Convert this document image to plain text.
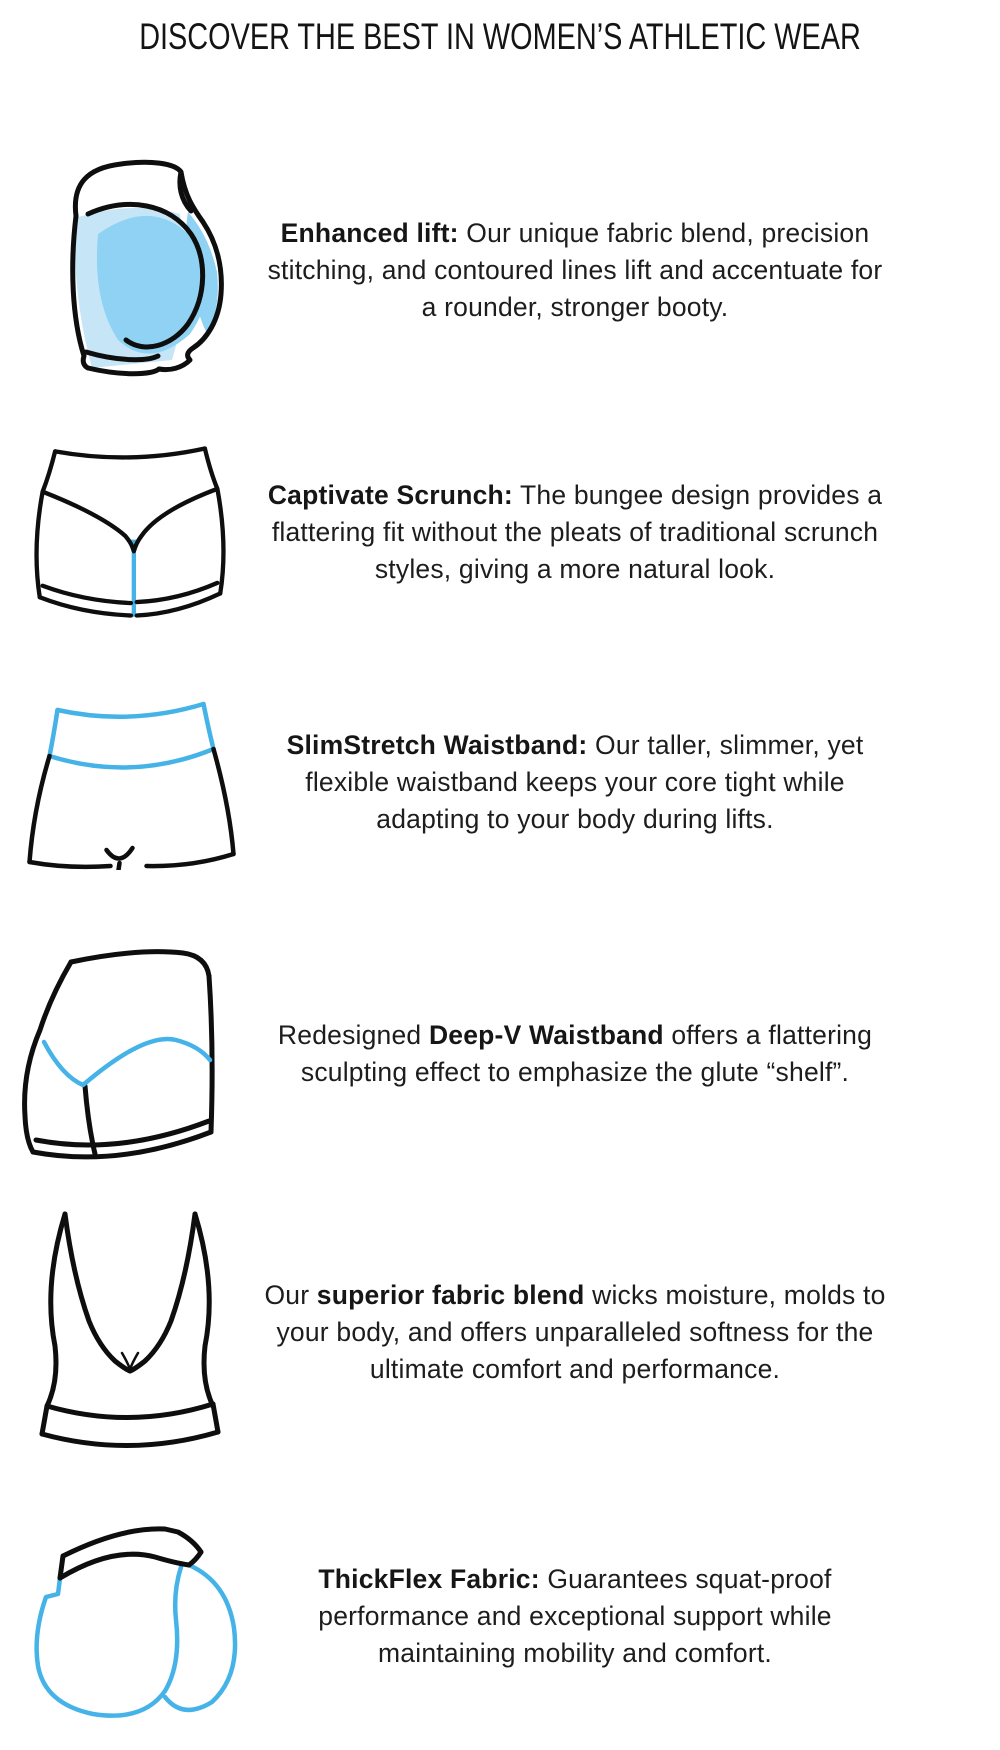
DISCOVER THE BEST IN WOMEN’S ATHLETIC WEAR

Enhanced lift: Our unique fabric blend, precision stitching, and contoured lines lift and accentuate for a rounder, stronger booty.

Captivate Scrunch: The bungee design provides a flattering fit without the pleats of traditional scrunch styles, giving a more natural look.

SlimStretch Waistband: Our taller, slimmer, yet flexible waistband keeps your core tight while adapting to your body during lifts.

Redesigned Deep-V Waistband offers a flattering sculpting effect to emphasize the glute “shelf”.

Our superior fabric blend wicks moisture, molds to your body, and offers unparalleled softness for the ultimate comfort and performance.

ThickFlex Fabric: Guarantees squat-proof performance and exceptional support while maintaining mobility and comfort.
